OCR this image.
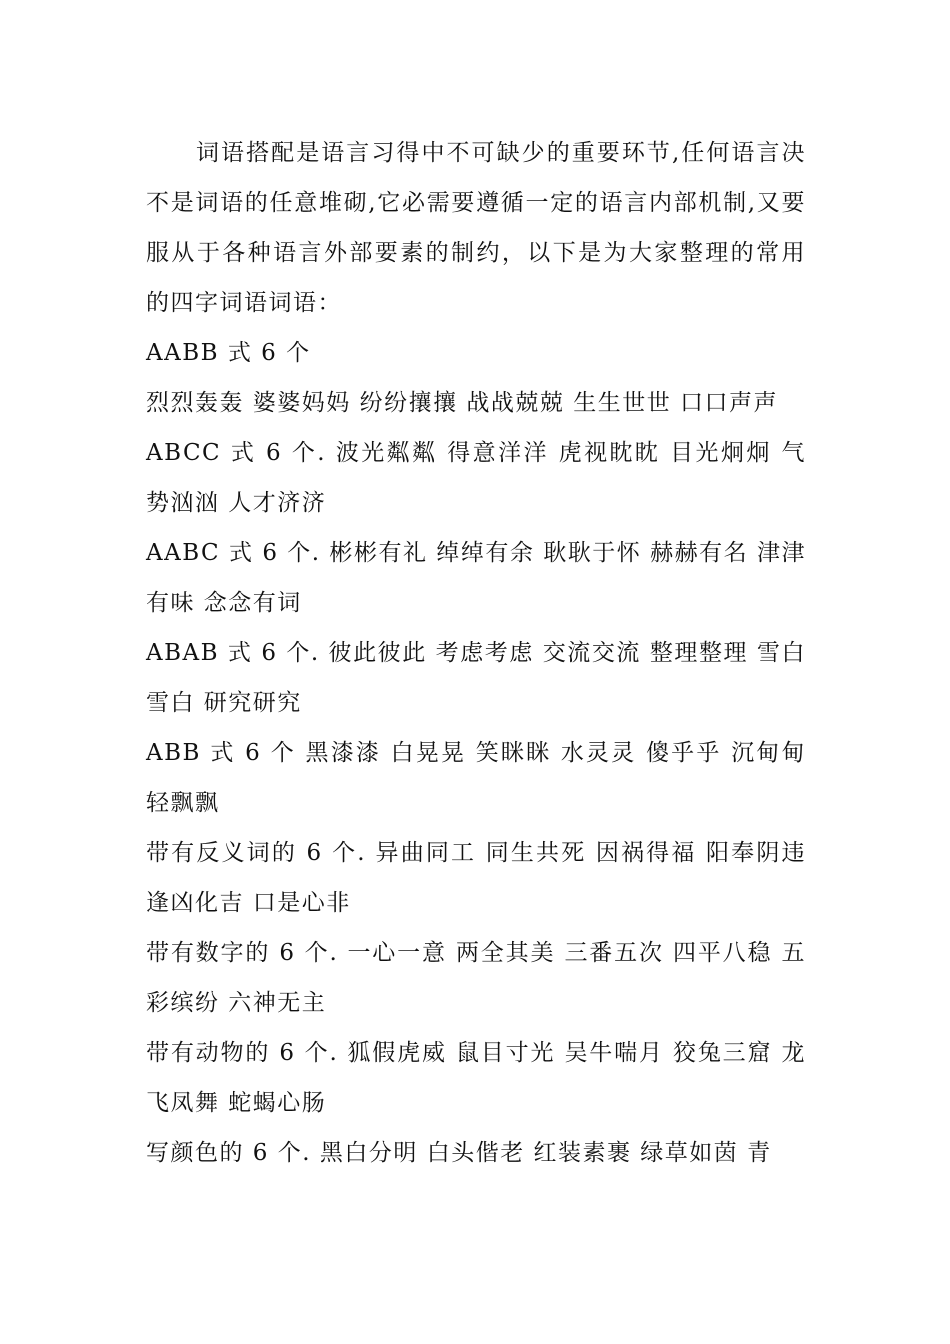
词语搭配是语言习得中不可缺少的重要环节,任何语言决不是词语的任意堆砌,它必需要遵循一定的语言内部机制,又要服从于各种语言外部要素的制约，以下是为大家整理的常用的四字词语词语：

AABB 式 6 个

烈烈轰轰 婆婆妈妈 纷纷攘攘 战战兢兢 生生世世 口口声声

ABCC 式 6 个. 波光粼粼 得意洋洋 虎视眈眈 目光炯炯 气势汹汹 人才济济

AABC 式 6 个. 彬彬有礼 绰绰有余 耿耿于怀 赫赫有名 津津有味 念念有词

ABAB 式 6 个. 彼此彼此 考虑考虑 交流交流 整理整理 雪白雪白 研究研究

ABB 式 6 个 黑漆漆 白晃晃 笑眯眯 水灵灵 傻乎乎 沉甸甸 轻飘飘

带有反义词的 6 个. 异曲同工 同生共死 因祸得福 阳奉阴违 逢凶化吉 口是心非

带有数字的 6 个. 一心一意 两全其美 三番五次 四平八稳 五彩缤纷 六神无主

带有动物的 6 个. 狐假虎威 鼠目寸光 吴牛喘月 狡兔三窟 龙飞凤舞 蛇蝎心肠

写颜色的 6 个. 黑白分明 白头偕老 红装素裹 绿草如茵 青
